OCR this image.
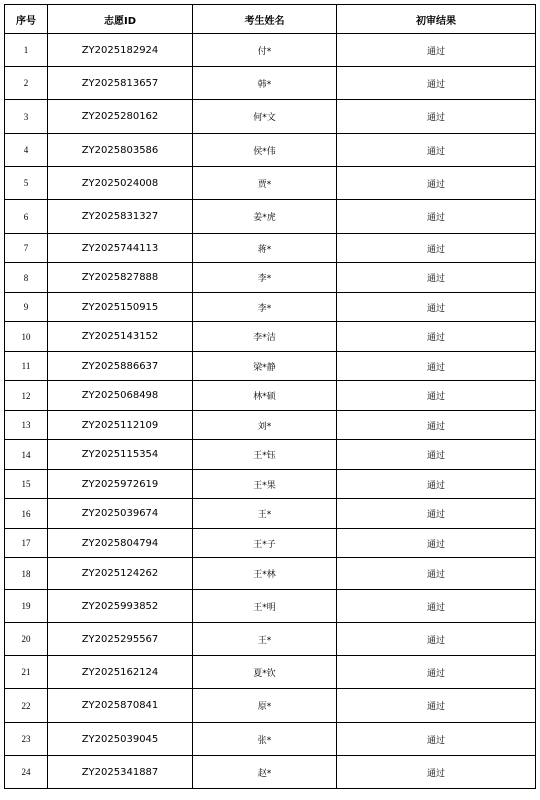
序号	志愿ID	考生姓名	初审结果
1	ZY2025182924	付*	通过
2	ZY2025813657	韩*	通过
3	ZY2025280162	何*文	通过
4	ZY2025803586	侯*伟	通过
5	ZY2025024008	贾*	通过
6	ZY2025831327	姜*虎	通过
7	ZY2025744113	蒋*	通过
8	ZY2025827888	李*	通过
9	ZY2025150915	李*	通过
10	ZY2025143152	李*洁	通过
11	ZY2025886637	梁*静	通过
12	ZY2025068498	林*硕	通过
13	ZY2025112109	刘*	通过
14	ZY2025115354	王*钰	通过
15	ZY2025972619	王*果	通过
16	ZY2025039674	王*	通过
17	ZY2025804794	王*子	通过
18	ZY2025124262	王*林	通过
19	ZY2025993852	王*明	通过
20	ZY2025295567	王*	通过
21	ZY2025162124	夏*钦	通过
22	ZY2025870841	原*	通过
23	ZY2025039045	张*	通过
24	ZY2025341887	赵*	通过
